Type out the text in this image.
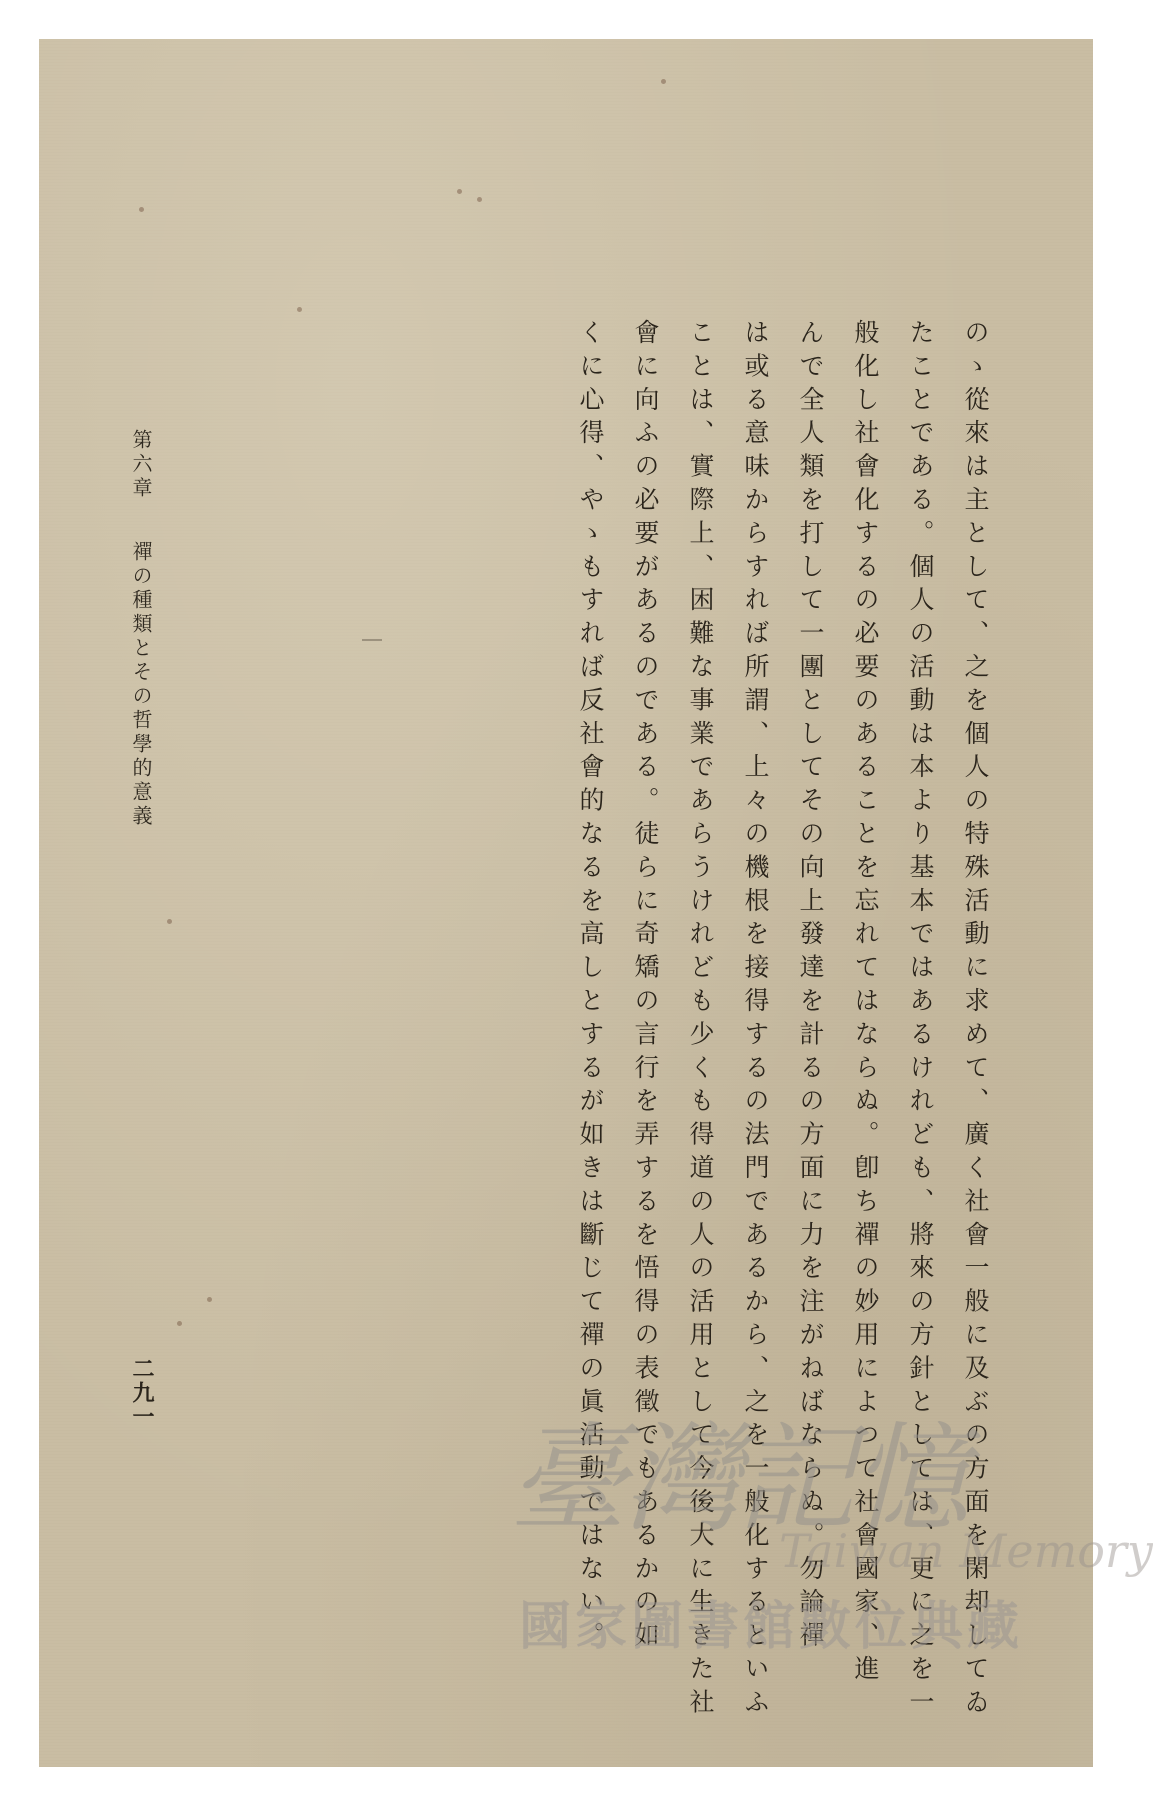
のゝ從來は主として、之を個人の特殊活動に求めて、廣く社會一般に及ぶの方面を閑却してゐ
たことである。個人の活動は本より基本ではあるけれども、將來の方針としては、更に之を一
般化し社會化するの必要のあることを忘れてはならぬ。卽ち禪の妙用によつて社會國家、進
んで全人類を打して一團としてその向上發達を計るの方面に力を注がねばならぬ。勿論禪
は或る意味からすれば所謂、上々の機根を接得するの法門であるから、之を一般化するといふ
ことは、實際上、困難な事業であらうけれども少くも得道の人の活用として今後大に生きた社
會に向ふの必要があるのである。徒らに奇矯の言行を弄するを悟得の表徵でもあるかの如
くに心得、やゝもすれば反社會的なるを高しとするが如きは斷じて禪の眞活動ではない。
第六章禪の種類とその哲學的意義
二九一
臺灣記憶
Taiwan Memory
國家圖書館數位典藏
